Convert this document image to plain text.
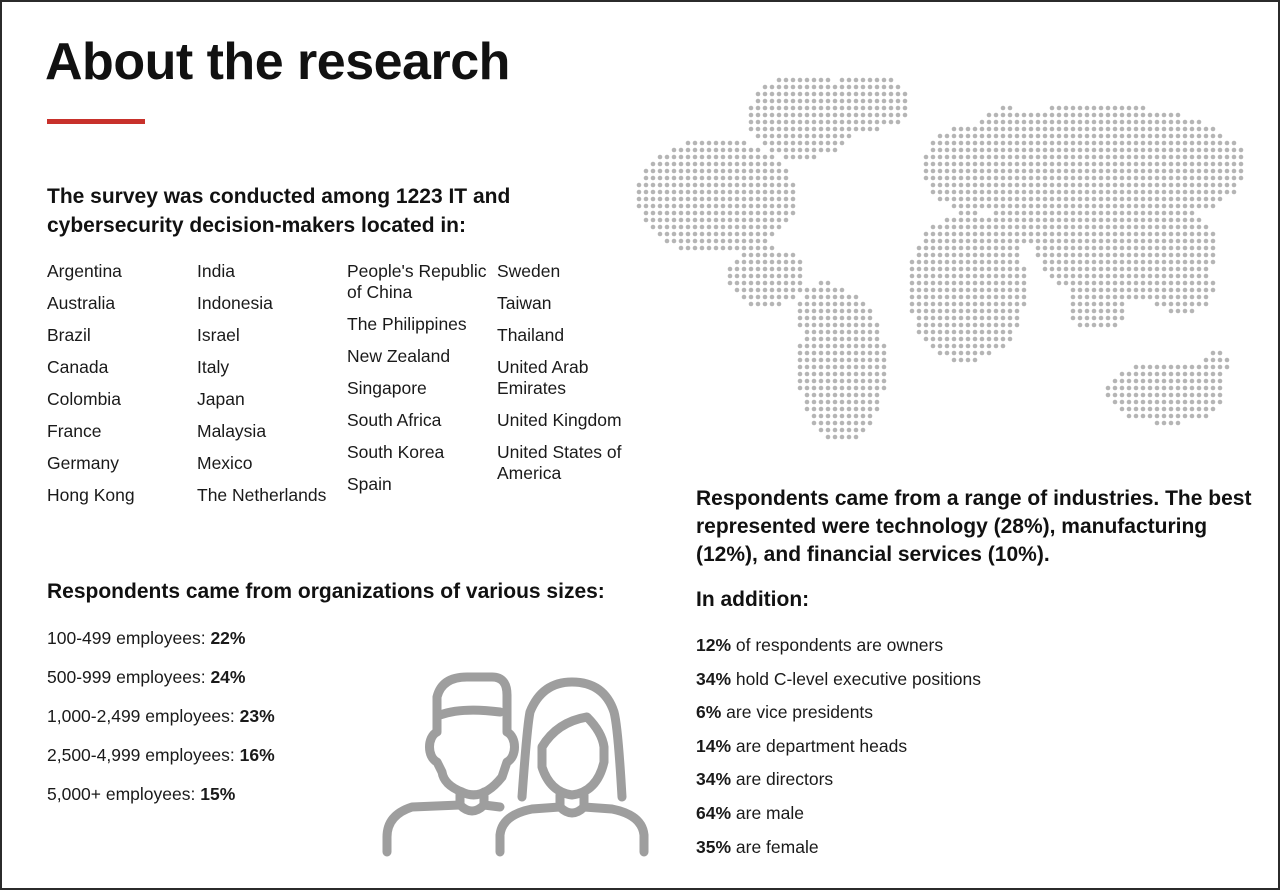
About the research

The survey was conducted among 1223 IT and cybersecurity decision-makers located in:

Argentina
Australia
Brazil
Canada
Colombia
France
Germany
Hong Kong
India
Indonesia
Israel
Italy
Japan
Malaysia
Mexico
The Netherlands
People's Republic of China
The Philippines
New Zealand
Singapore
South Africa
South Korea
Spain
Sweden
Taiwan
Thailand
United Arab Emirates
United Kingdom
United States of America
Respondents came from organizations of various sizes:
100-499 employees: 22%
500-999 employees: 24%
1,000-2,499 employees: 23%
2,500-4,999 employees: 16%
5,000+ employees: 15%

Respondents came from a range of industries. The best represented were technology (28%), manufacturing (12%), and financial services (10%).

In addition:
12% of respondents are owners
34% hold C-level executive positions
6% are vice presidents
14% are department heads
34% are directors
64% are male
35% are female
